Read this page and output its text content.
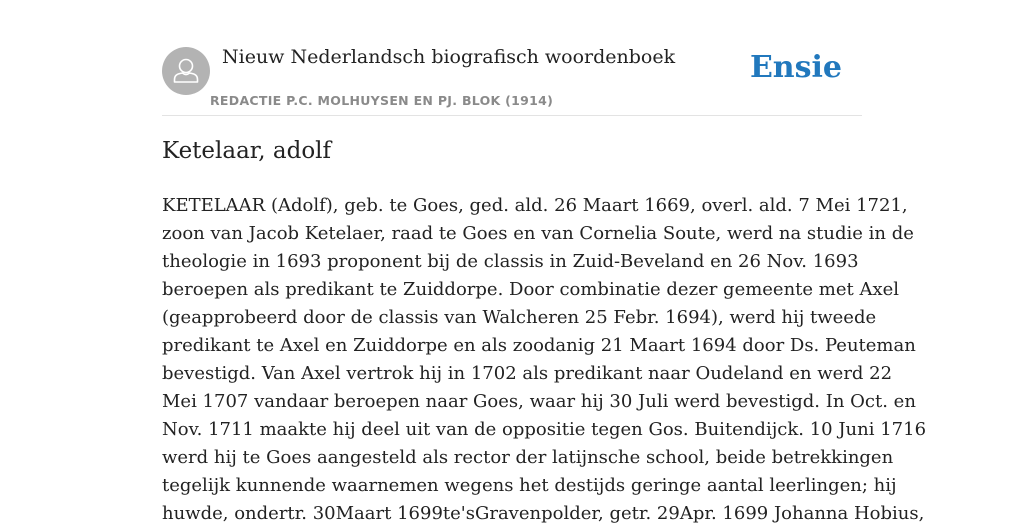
Nieuw Nederlandsch biografisch woordenboek
REDACTIE P.C. MOLHUYSEN EN PJ. BLOK (1914)
Ensie
Ketelaar, adolf
KETELAAR (Adolf), geb. te Goes, ged. ald. 26 Maart 1669, overl. ald. 7 Mei 1721,
zoon van Jacob Ketelaer, raad te Goes en van Cornelia Soute, werd na studie in de
theologie in 1693 proponent bij de classis in Zuid-Beveland en 26 Nov. 1693
beroepen als predikant te Zuiddorpe. Door combinatie dezer gemeente met Axel
(geapprobeerd door de classis van Walcheren 25 Febr. 1694), werd hij tweede
predikant te Axel en Zuiddorpe en als zoodanig 21 Maart 1694 door Ds. Peuteman
bevestigd. Van Axel vertrok hij in 1702 als predikant naar Oudeland en werd 22
Mei 1707 vandaar beroepen naar Goes, waar hij 30 Juli werd bevestigd. In Oct. en
Nov. 1711 maakte hij deel uit van de oppositie tegen Gos. Buitendijck. 10 Juni 1716
werd hij te Goes aangesteld als rector der latijnsche school, beide betrekkingen
tegelijk kunnende waarnemen wegens het destijds geringe aantal leerlingen; hij
huwde, ondertr. 30Maart 1699te'sGravenpolder, getr. 29Apr. 1699 Johanna Hobius,
